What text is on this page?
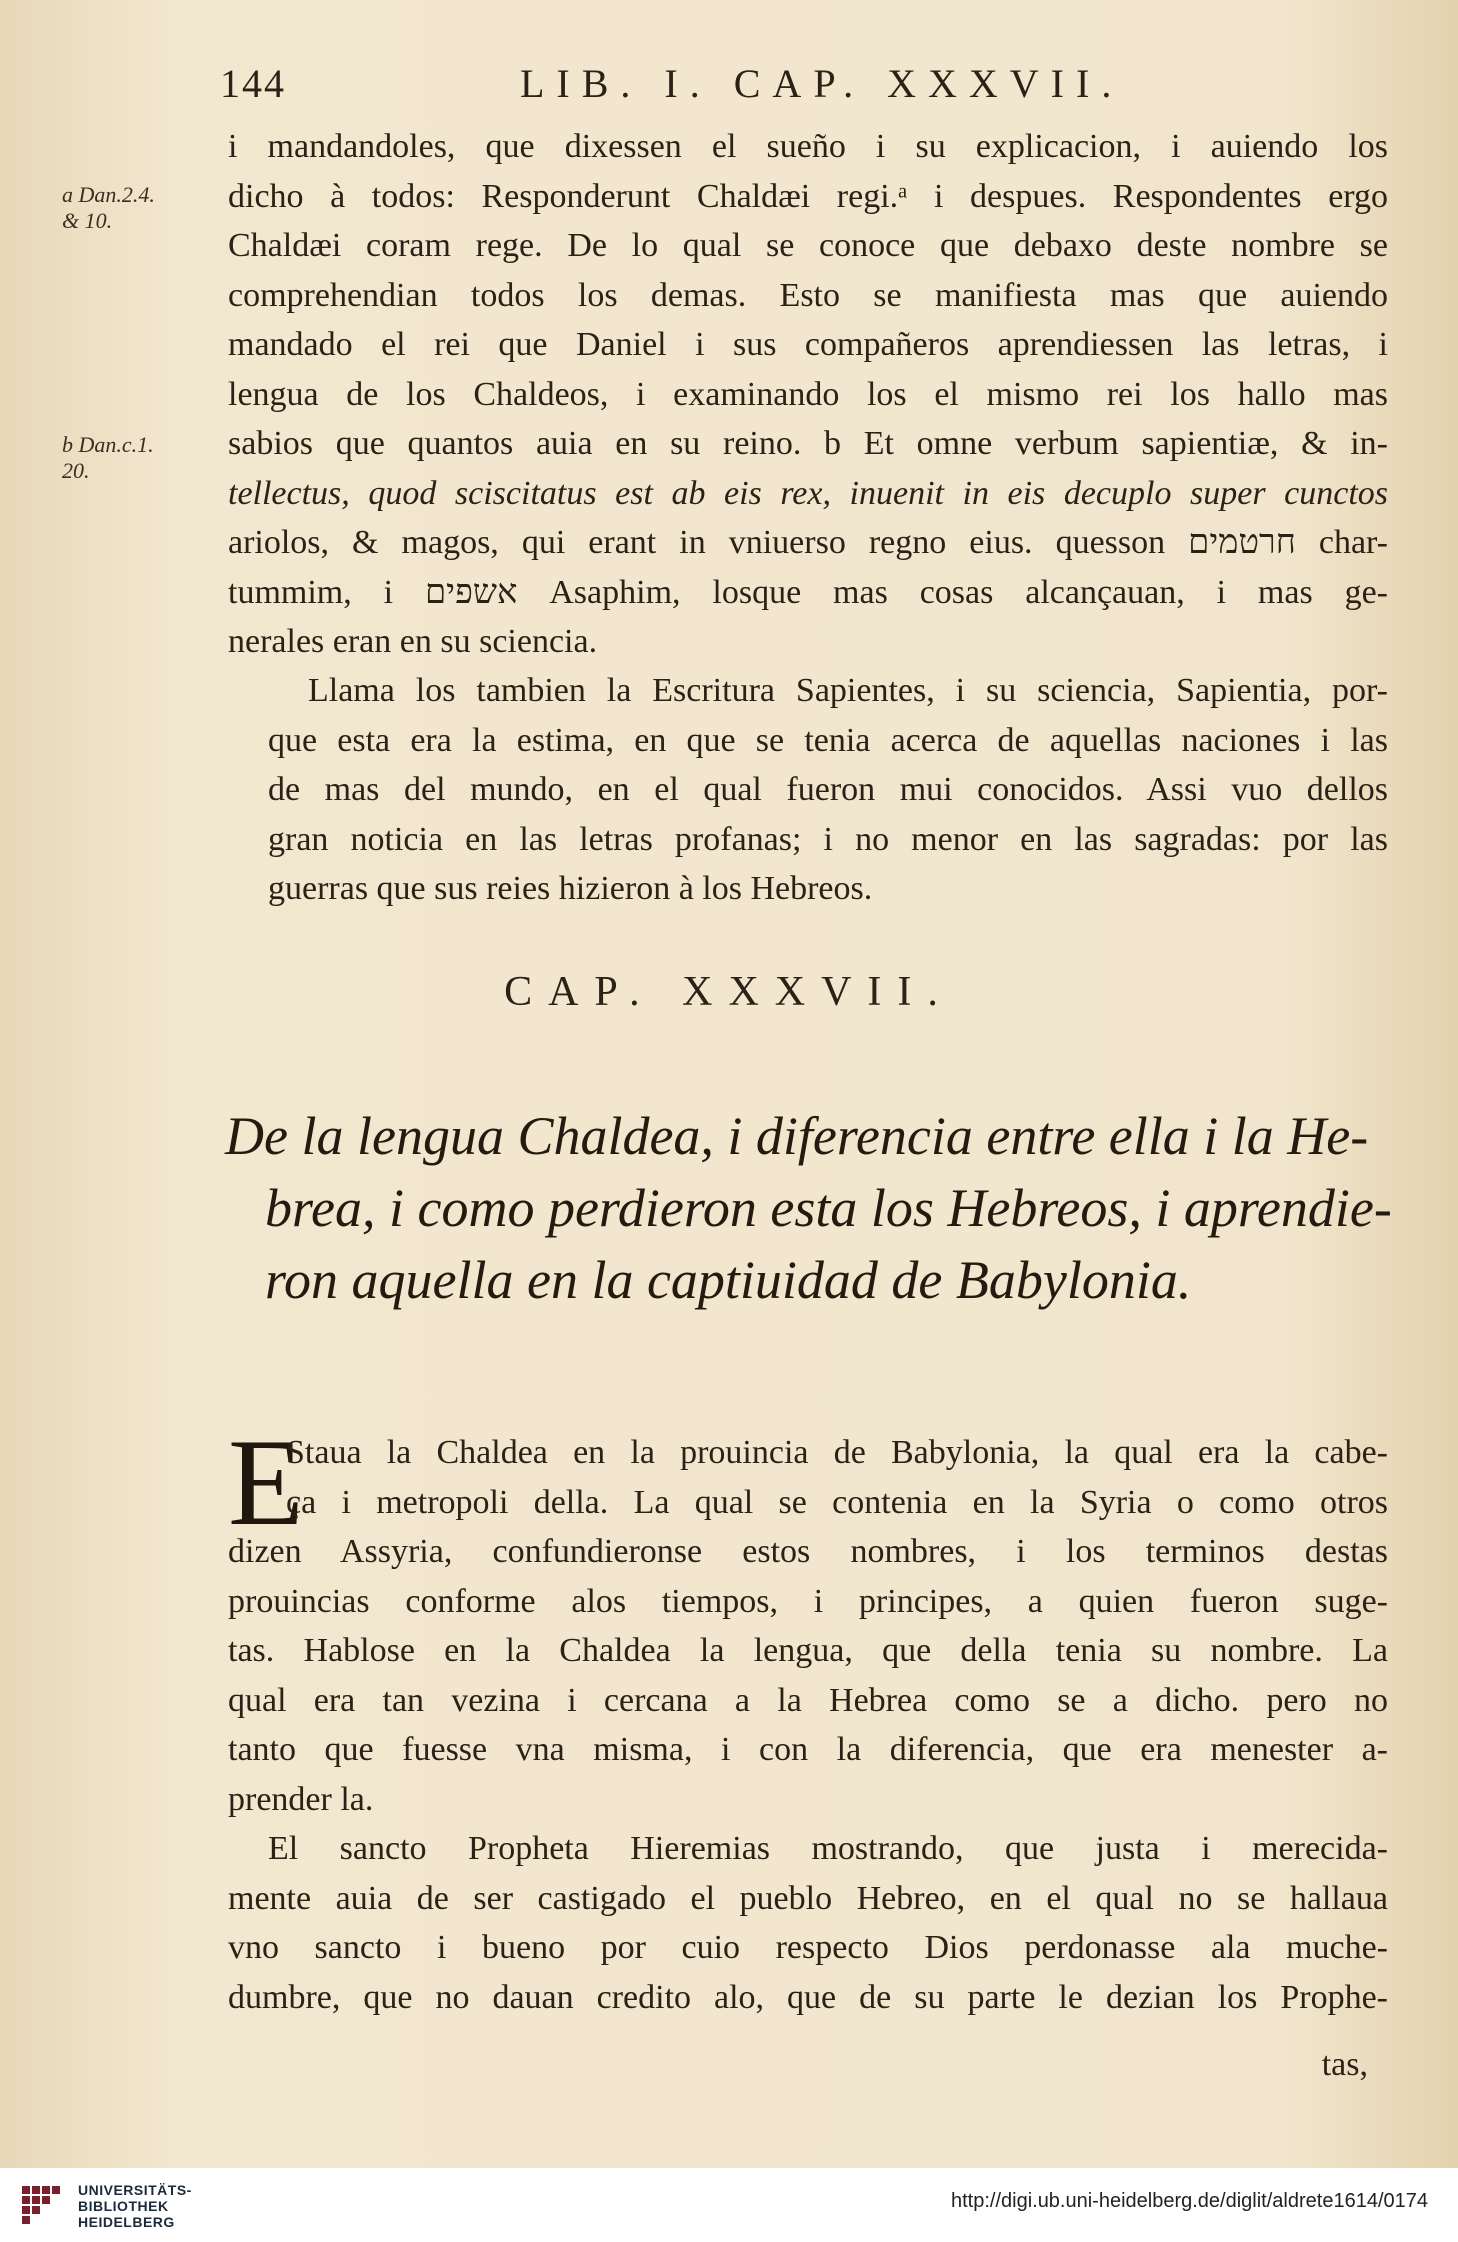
144	LIB. I. CAP. XXXVII.
a Dan.2.4.
& 10.
b Dan.c.1.
20.
i mandandoles, que dixessen el sueño i su explicacion, i auiendo los
dicho à todos: Responderunt Chaldæi regi.ᵃ i despues. Respondentes ergo
Chaldæi coram rege. De lo qual se conoce que debaxo deste nombre se
comprehendian todos los demas. Esto se manifiesta mas que auiendo
mandado el rei que Daniel i sus compañeros aprendiessen las letras, i
lengua de los Chaldeos, i examinando los el mismo rei los hallo mas
sabios que quantos auia en su reino. b Et omne verbum sapientiæ, & in-
tellectus, quod sciscitatus est ab eis rex, inuenit in eis decuplo super cunctos
ariolos, & magos, qui erant in vniuerso regno eius. quesson חרטמים char-
tummim, i אשפים Asaphim, losque mas cosas alcançauan, i mas ge-
nerales eran en su sciencia.
Llama los tambien la Escritura Sapientes, i su sciencia, Sapientia, por-
que esta era la estima, en que se tenia acerca de aquellas naciones i las
de mas del mundo, en el qual fueron mui conocidos. Assi vuo dellos
gran noticia en las letras profanas; i no menor en las sagradas: por las
guerras que sus reies hizieron à los Hebreos.
CAP. XXXVII.
De la lengua Chaldea, i diferencia entre ella i la He-
brea, i como perdieron esta los Hebreos, i aprendie-
ron aquella en la captiuidad de Babylonia.
E
Staua la Chaldea en la prouincia de Babylonia, la qual era la cabe-
ça i metropoli della. La qual se contenia en la Syria o como otros
dizen Assyria, confundieronse estos nombres, i los terminos destas
prouincias conforme alos tiempos, i principes, a quien fueron suge-
tas. Hablose en la Chaldea la lengua, que della tenia su nombre. La
qual era tan vezina i cercana a la Hebrea como se a dicho. pero no
tanto que fuesse vna misma, i con la diferencia, que era menester a-
prender la.
El sancto Propheta Hieremias mostrando, que justa i merecida-
mente auia de ser castigado el pueblo Hebreo, en el qual no se hallaua
vno sancto i bueno por cuio respecto Dios perdonasse ala muche-
dumbre, que no dauan credito alo, que de su parte le dezian los Prophe-
tas,
UNIVERSITÄTS-
BIBLIOTHEK
HEIDELBERG
http://digi.ub.uni-heidelberg.de/diglit/aldrete1614/0174
